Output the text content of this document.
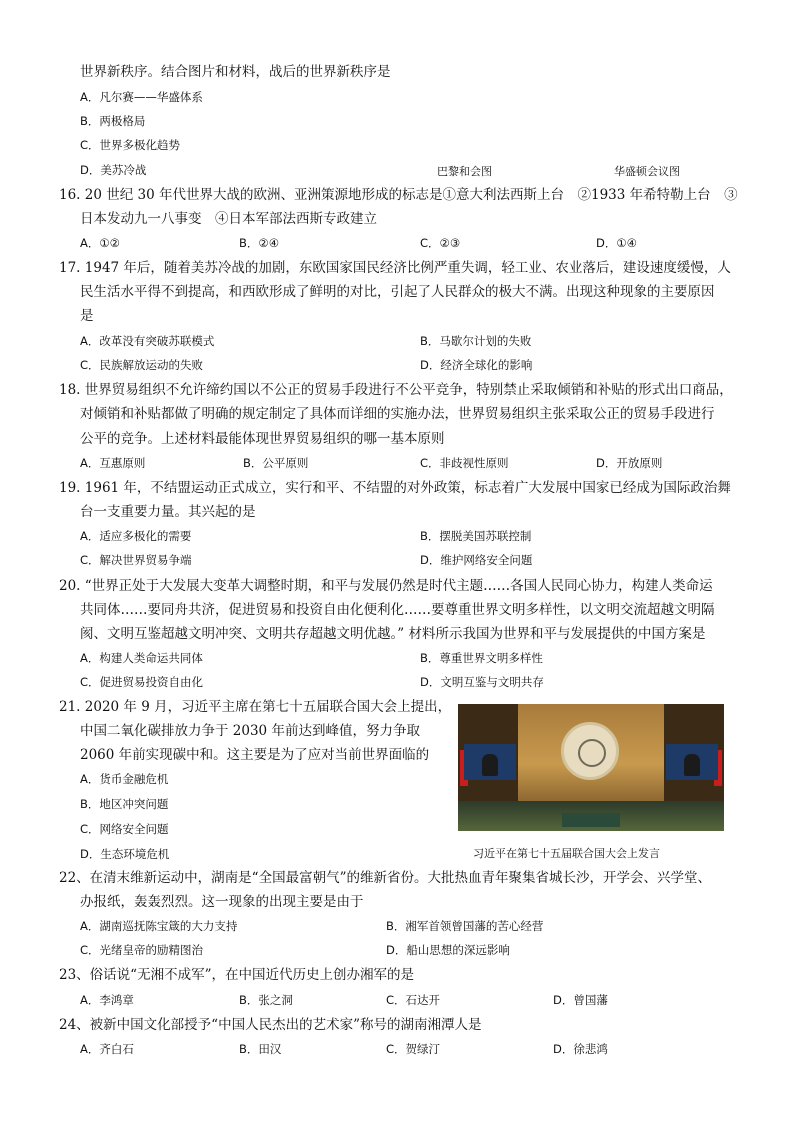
世界新秩序。结合图片和材料，战后的世界新秩序是
A．凡尔赛——华盛体系
B．两极格局
C．世界多极化趋势
D．美苏冷战	巴黎和会图	华盛顿会议图
16. 20 世纪 30 年代世界大战的欧洲、亚洲策源地形成的标志是①意大利法西斯上台　②1933 年希特勒上台　③
日本发动九一八事变　④日本军部法西斯专政建立
A．①②	B．②④	C．②③	D．①④
17. 1947 年后，随着美苏冷战的加剧，东欧国家国民经济比例严重失调，轻工业、农业落后，建设速度缓慢，人
民生活水平得不到提高，和西欧形成了鲜明的对比，引起了人民群众的极大不满。出现这种现象的主要原因
是
A．改革没有突破苏联模式	B．马歇尔计划的失败
C．民族解放运动的失败	D．经济全球化的影响
18. 世界贸易组织不允许缔约国以不公正的贸易手段进行不公平竞争，特别禁止采取倾销和补贴的形式出口商品，
对倾销和补贴都做了明确的规定制定了具体而详细的实施办法，世界贸易组织主张采取公正的贸易手段进行
公平的竞争。上述材料最能体现世界贸易组织的哪一基本原则
A．互惠原则	B．公平原则	C．非歧视性原则	D．开放原则
19. 1961 年，不结盟运动正式成立，实行和平、不结盟的对外政策，标志着广大发展中国家已经成为国际政治舞
台一支重要力量。其兴起的是
A．适应多极化的需要	B．摆脱美国苏联控制
C．解决世界贸易争端	D．维护网络安全问题
20. “世界正处于大发展大变革大调整时期，和平与发展仍然是时代主题……各国人民同心协力，构建人类命运
共同体……要同舟共济，促进贸易和投资自由化便利化……要尊重世界文明多样性，以文明交流超越文明隔
阂、文明互鉴超越文明冲突、文明共存超越文明优越。” 材料所示我国为世界和平与发展提供的中国方案是
A．构建人类命运共同体	B．尊重世界文明多样性
C．促进贸易投资自由化	D．文明互鉴与文明共存
21. 2020 年 9 月，习近平主席在第七十五届联合国大会上提出，
中国二氧化碳排放力争于 2030 年前达到峰值，努力争取
2060 年前实现碳中和。这主要是为了应对当前世界面临的
A．货币金融危机
B．地区冲突问题
C．网络安全问题
D．生态环境危机	习近平在第七十五届联合国大会上发言
22、在清末维新运动中，湖南是“全国最富朝气”的维新省份。大批热血青年聚集省城长沙，开学会、兴学堂、
办报纸，轰轰烈烈。这一现象的出现主要是由于
A．湖南巡抚陈宝箴的大力支持	B．湘军首领曾国藩的苦心经营
C．光绪皇帝的励精图治	D．船山思想的深远影响
23、俗话说“无湘不成军”，在中国近代历史上创办湘军的是
A．李鸿章	B．张之洞	C．石达开	D．曾国藩
24、被新中国文化部授予“中国人民杰出的艺术家”称号的湖南湘潭人是
A．齐白石	B．田汉	C．贺绿汀	D．徐悲鸿
